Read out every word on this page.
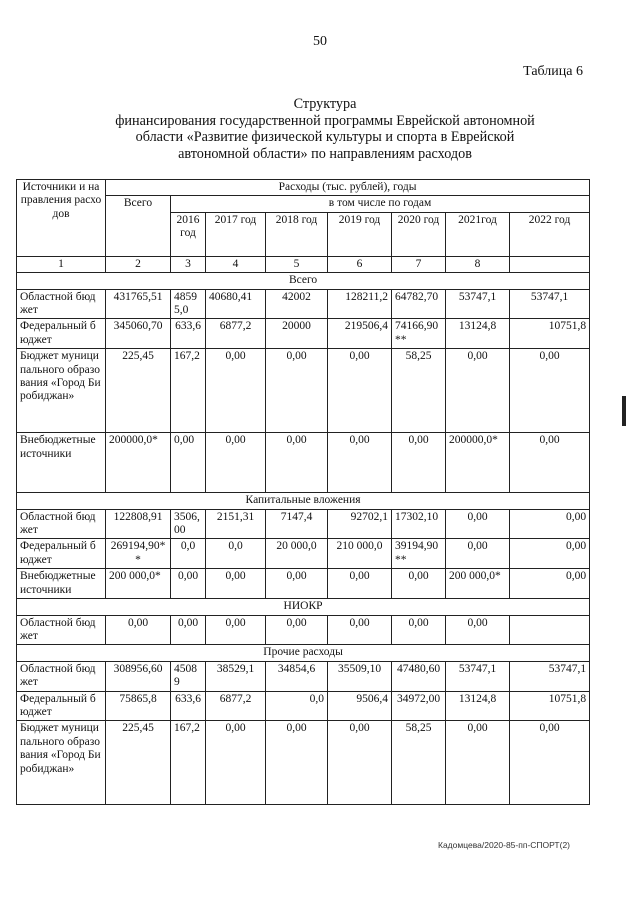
50
Таблица 6
Структура
финансирования государственной программы Еврейской автономной
области «Развитие физической культуры и спорта в Еврейской
автономной области» по направлениям расходов
Источники и направления расходов	Расходы (тыс. рублей), годы							
	Всего	в том числе по годам						
		2016 год	2017 год	2018 год	2019 год	2020 год	2021год	2022 год
1	2	3	4	5	6	7	8	
Всего								
Областной бюджет	431765,51	48595,0	40680,41	42002	128211,2	64782,70	53747,1	53747,1
Федеральный бюджет	345060,70	633,6	6877,2	20000	219506,4	74166,90**	13124,8	10751,8
Бюджет муниципального образования «Город Биробиджан»	225,45	167,2	0,00	0,00	0,00	58,25	0,00	0,00
Внебюджетные источники	200000,0*	0,00	0,00	0,00	0,00	0,00	200000,0*	0,00
Капитальные вложения								
Областной бюджет	122808,91	3506,00	2151,31	7147,4	92702,1	17302,10	0,00	0,00
Федеральный бюджет	269194,90**	0,0	0,0	20 000,0	210 000,0	39194,90**	0,00	0,00
Внебюджетные источники	200 000,0*	0,00	0,00	0,00	0,00	0,00	200 000,0*	0,00
НИОКР								
Областной бюджет	0,00	0,00	0,00	0,00	0,00	0,00	0,00	
Прочие расходы								
Областной бюджет	308956,60	45089	38529,1	34854,6	35509,10	47480,60	53747,1	53747,1
Федеральный бюджет	75865,8	633,6	6877,2	0,0	9506,4	34972,00	13124,8	10751,8
Бюджет муниципального образования «Город Биробиджан»	225,45	167,2	0,00	0,00	0,00	58,25	0,00	0,00
Кадомцева/2020-85-пп-СПОРТ(2)
